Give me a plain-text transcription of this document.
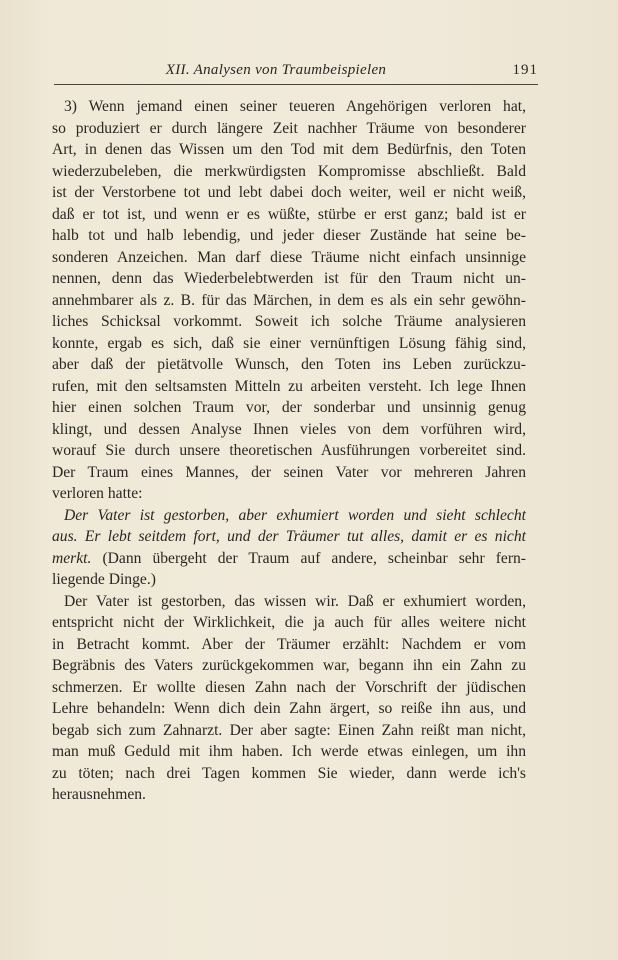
XII. Analysen von Traumbeispielen	191
3) Wenn jemand einen seiner teueren Angehörigen verloren hat,
so produziert er durch längere Zeit nachher Träume von besonderer
Art, in denen das Wissen um den Tod mit dem Bedürfnis, den Toten
wiederzubeleben, die merkwürdigsten Kompromisse abschließt. Bald
ist der Verstorbene tot und lebt dabei doch weiter, weil er nicht weiß,
daß er tot ist, und wenn er es wüßte, stürbe er erst ganz; bald ist er
halb tot und halb lebendig, und jeder dieser Zustände hat seine be-
sonderen Anzeichen. Man darf diese Träume nicht einfach unsinnige
nennen, denn das Wiederbelebtwerden ist für den Traum nicht un-
annehmbarer als z. B. für das Märchen, in dem es als ein sehr gewöhn-
liches Schicksal vorkommt. Soweit ich solche Träume analysieren
konnte, ergab es sich, daß sie einer vernünftigen Lösung fähig sind,
aber daß der pietätvolle Wunsch, den Toten ins Leben zurückzu-
rufen, mit den seltsamsten Mitteln zu arbeiten versteht. Ich lege Ihnen
hier einen solchen Traum vor, der sonderbar und unsinnig genug
klingt, und dessen Analyse Ihnen vieles von dem vorführen wird,
worauf Sie durch unsere theoretischen Ausführungen vorbereitet sind.
Der Traum eines Mannes, der seinen Vater vor mehreren Jahren
verloren hatte:
Der Vater ist gestorben, aber exhumiert worden und sieht schlecht
aus. Er lebt seitdem fort, und der Träumer tut alles, damit er es nicht
merkt. (Dann übergeht der Traum auf andere, scheinbar sehr fern-
liegende Dinge.)
Der Vater ist gestorben, das wissen wir. Daß er exhumiert worden,
entspricht nicht der Wirklichkeit, die ja auch für alles weitere nicht
in Betracht kommt. Aber der Träumer erzählt: Nachdem er vom
Begräbnis des Vaters zurückgekommen war, begann ihn ein Zahn zu
schmerzen. Er wollte diesen Zahn nach der Vorschrift der jüdischen
Lehre behandeln: Wenn dich dein Zahn ärgert, so reiße ihn aus, und
begab sich zum Zahnarzt. Der aber sagte: Einen Zahn reißt man nicht,
man muß Geduld mit ihm haben. Ich werde etwas einlegen, um ihn
zu töten; nach drei Tagen kommen Sie wieder, dann werde ich's
herausnehmen.
